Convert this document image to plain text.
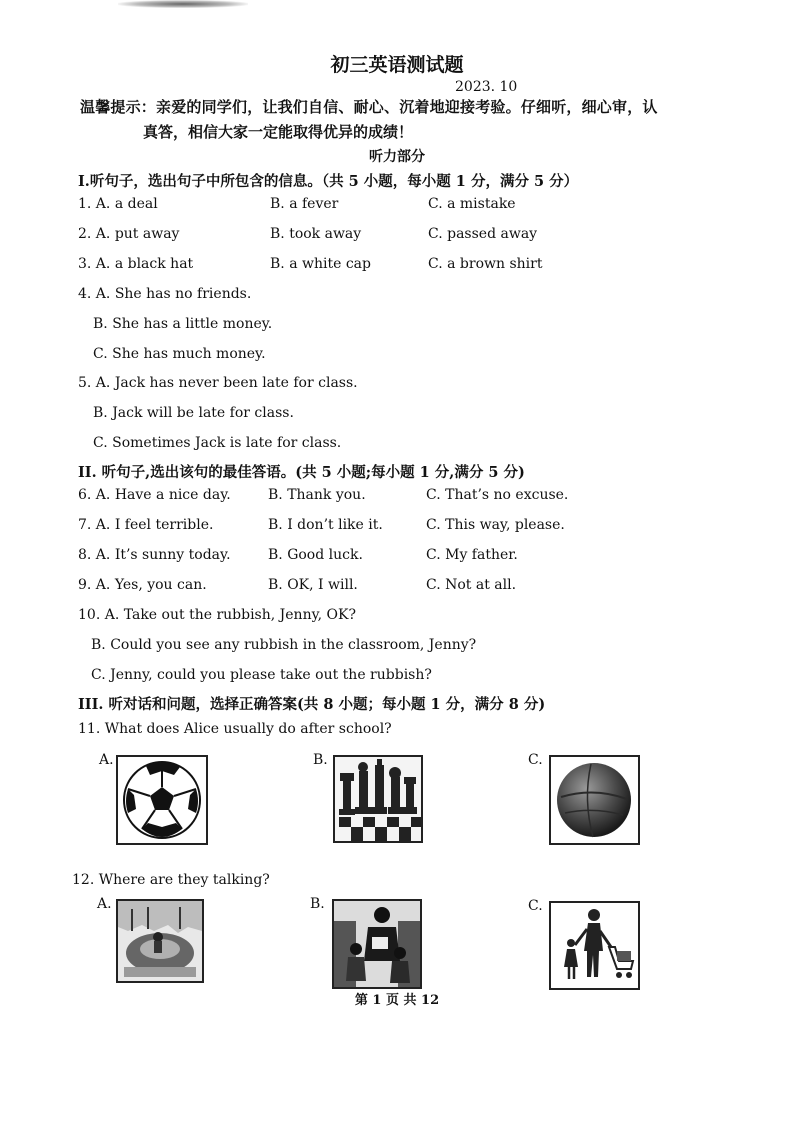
初三英语测试题
2023. 10
温馨提示：亲爱的同学们，让我们自信、耐心、沉着地迎接考验。仔细听，细心审，认
真答，相信大家一定能取得优异的成绩！
听力部分
I.听句子，选出句子中所包含的信息。（共 5 小题，每小题 1 分，满分 5 分）
1. A. a deal	B. a fever	C. a mistake
2. A. put away	B. took away	C. passed away
3. A. a black hat	B. a white cap	C. a brown shirt
4. A. She has no friends.
B. She has a little money.
C. She has much money.
5. A. Jack has never been late for class.
B. Jack will be late for class.
C. Sometimes Jack is late for class.
II. 听句子,选出该句的最佳答语。(共 5 小题;每小题 1 分,满分 5 分)
6. A. Have a nice day.	B. Thank you.	C. That’s no excuse.
7. A. I feel terrible.	B. I don’t like it.	C. This way, please.
8. A. It’s sunny today.	B. Good luck.	C. My father.
9. A. Yes, you can.	B. OK, I will.	C. Not at all.
10. A. Take out the rubbish, Jenny, OK?
B. Could you see any rubbish in the classroom, Jenny?
C. Jenny, could you please take out the rubbish?
III. 听对话和问题，选择正确答案(共 8 小题；每小题 1 分，满分 8 分)
11. What does Alice usually do after school?
A.	B.	C.
12. Where are they talking?
A.	B.	C.
第 1 页 共 12
